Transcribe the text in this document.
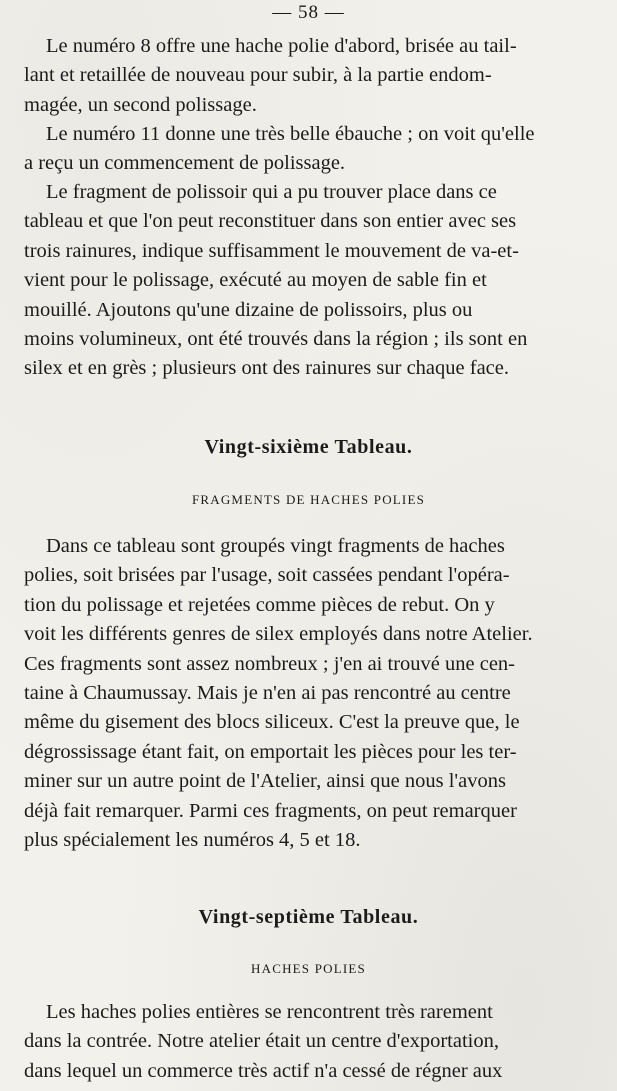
— 58 —

Le numéro 8 offre une hache polie d'abord, brisée au tail-
lant et retaillée de nouveau pour subir, à la partie endom-
magée, un second polissage.

Le numéro 11 donne une très belle ébauche ; on voit qu'elle
a reçu un commencement de polissage.

Le fragment de polissoir qui a pu trouver place dans ce
tableau et que l'on peut reconstituer dans son entier avec ses
trois rainures, indique suffisamment le mouvement de va-et-
vient pour le polissage, exécuté au moyen de sable fin et
mouillé. Ajoutons qu'une dizaine de polissoirs, plus ou
moins volumineux, ont été trouvés dans la région ; ils sont en
silex et en grès ; plusieurs ont des rainures sur chaque face.

Vingt-sixième Tableau.
FRAGMENTS DE HACHES POLIES

Dans ce tableau sont groupés vingt fragments de haches
polies, soit brisées par l'usage, soit cassées pendant l'opéra-
tion du polissage et rejetées comme pièces de rebut. On y
voit les différents genres de silex employés dans notre Atelier.
Ces fragments sont assez nombreux ; j'en ai trouvé une cen-
taine à Chaumussay. Mais je n'en ai pas rencontré au centre
même du gisement des blocs siliceux. C'est la preuve que, le
dégrossissage étant fait, on emportait les pièces pour les ter-
miner sur un autre point de l'Atelier, ainsi que nous l'avons
déjà fait remarquer. Parmi ces fragments, on peut remarquer
plus spécialement les numéros 4, 5 et 18.

Vingt-septième Tableau.
HACHES POLIES

Les haches polies entières se rencontrent très rarement
dans la contrée. Notre atelier était un centre d'exportation,
dans lequel un commerce très actif n'a cessé de régner aux
